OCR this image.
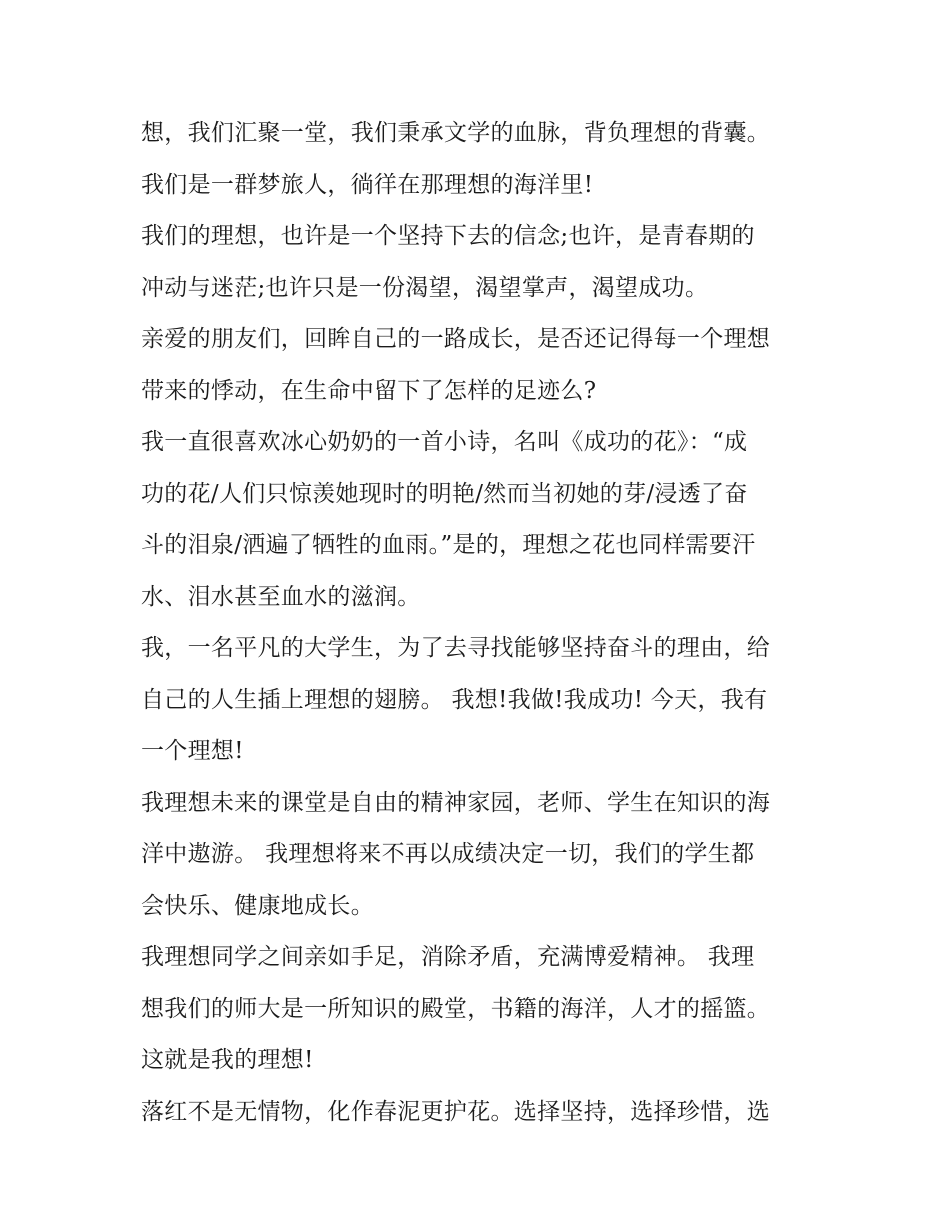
想，我们汇聚一堂，我们秉承文学的血脉，背负理想的背囊。
我们是一群梦旅人，徜徉在那理想的海洋里!
我们的理想，也许是一个坚持下去的信念;也许，是青春期的
冲动与迷茫;也许只是一份渴望，渴望掌声，渴望成功。
亲爱的朋友们，回眸自己的一路成长，是否还记得每一个理想
带来的悸动，在生命中留下了怎样的足迹么?
我一直很喜欢冰心奶奶的一首小诗，名叫《成功的花》：“成
功的花/人们只惊羡她现时的明艳/然而当初她的芽/浸透了奋
斗的泪泉/洒遍了牺牲的血雨。”是的，理想之花也同样需要汗
水、泪水甚至血水的滋润。
我，一名平凡的大学生，为了去寻找能够坚持奋斗的理由，给
自己的人生插上理想的翅膀。 我想!我做!我成功! 今天，我有
一个理想!
我理想未来的课堂是自由的精神家园，老师、学生在知识的海
洋中遨游。 我理想将来不再以成绩决定一切，我们的学生都
会快乐、健康地成长。
我理想同学之间亲如手足，消除矛盾，充满博爱精神。 我理
想我们的师大是一所知识的殿堂，书籍的海洋，人才的摇篮。
这就是我的理想!
落红不是无情物，化作春泥更护花。选择坚持，选择珍惜，选
